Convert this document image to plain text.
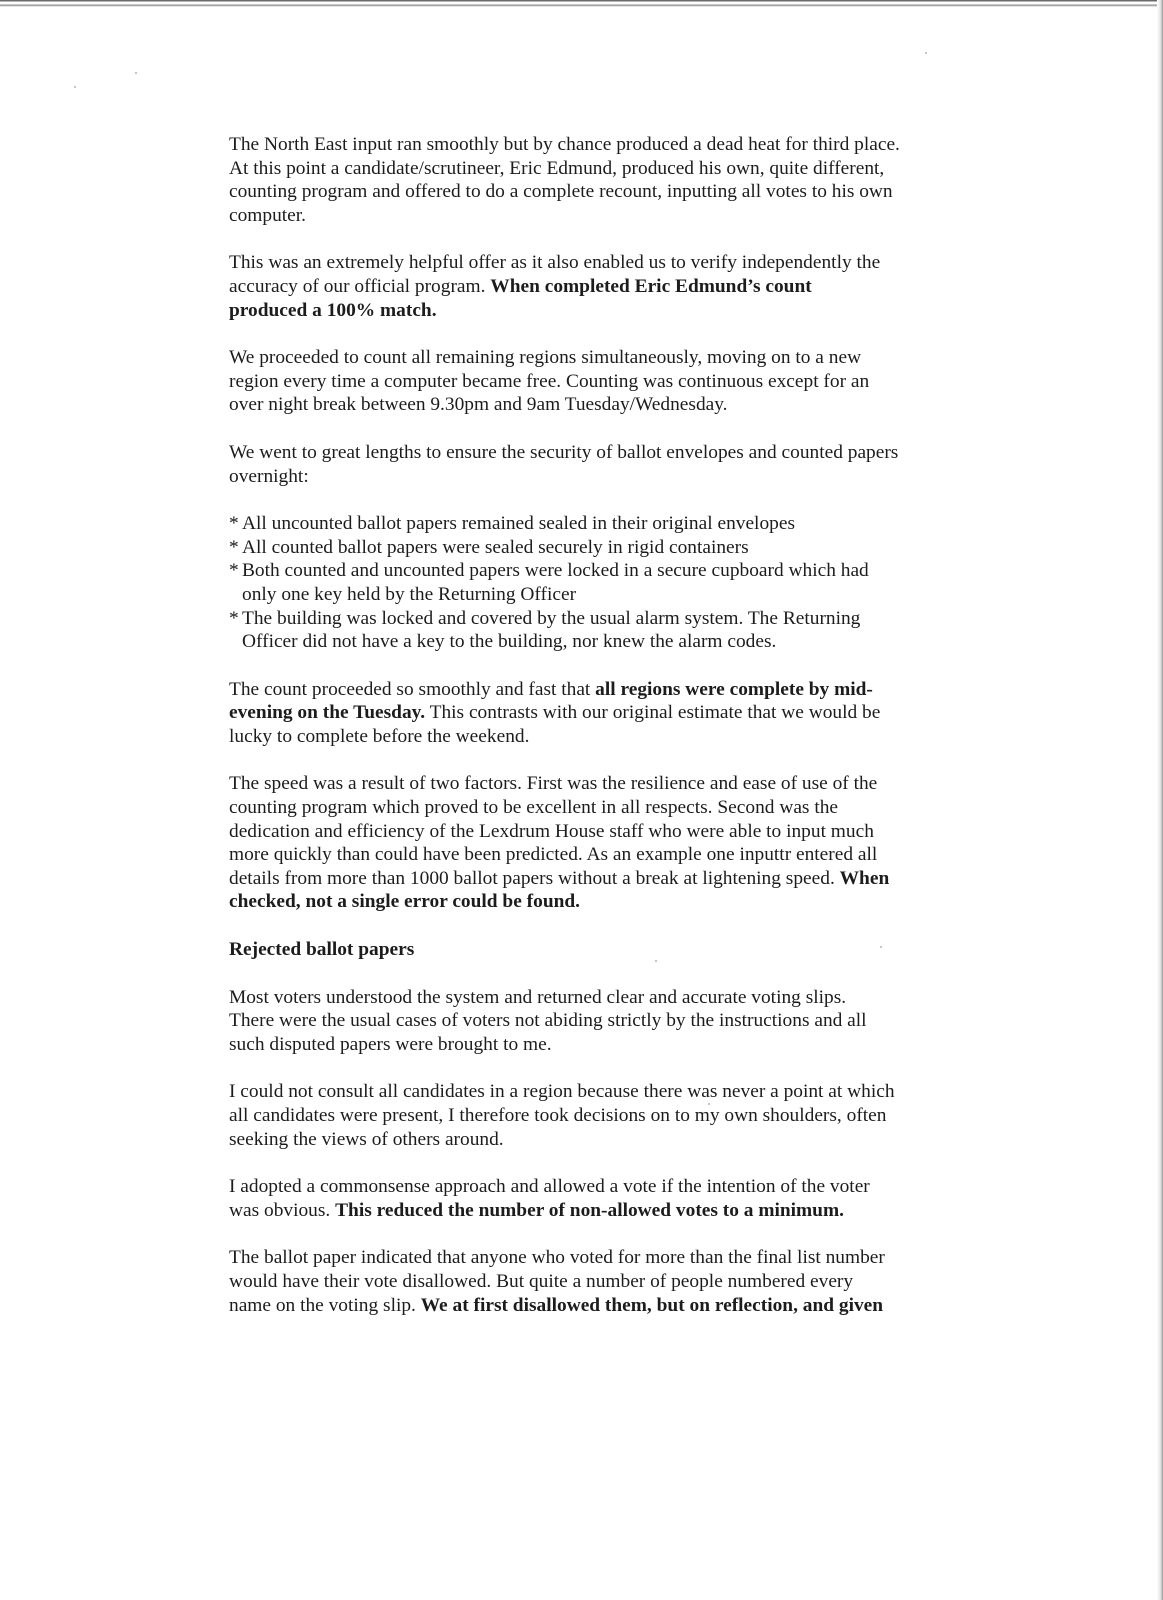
The North East input ran smoothly but by chance produced a dead heat for third place.
At this point a candidate/scrutineer, Eric Edmund, produced his own, quite different,
counting program and offered to do a complete recount, inputting all votes to his own
computer.

This was an extremely helpful offer as it also enabled us to verify independently the
accuracy of our official program. When completed Eric Edmund’s count
produced a 100% match.

We proceeded to count all remaining regions simultaneously, moving on to a new
region every time a computer became free. Counting was continuous except for an
over night break between 9.30pm and 9am Tuesday/Wednesday.

We went to great lengths to ensure the security of ballot envelopes and counted papers
overnight:

* All uncounted ballot papers remained sealed in their original envelopes
* All counted ballot papers were sealed securely in rigid containers
* Both counted and uncounted papers were locked in a secure cupboard which had
only one key held by the Returning Officer
* The building was locked and covered by the usual alarm system. The Returning
Officer did not have a key to the building, nor knew the alarm codes.

The count proceeded so smoothly and fast that all regions were complete by mid-
evening on the Tuesday. This contrasts with our original estimate that we would be
lucky to complete before the weekend.

The speed was a result of two factors. First was the resilience and ease of use of the
counting program which proved to be excellent in all respects. Second was the
dedication and efficiency of the Lexdrum House staff who were able to input much
more quickly than could have been predicted. As an example one inputtr entered all
details from more than 1000 ballot papers without a break at lightening speed. When
checked, not a single error could be found.

Rejected ballot papers

Most voters understood the system and returned clear and accurate voting slips.
There were the usual cases of voters not abiding strictly by the instructions and all
such disputed papers were brought to me.

I could not consult all candidates in a region because there was never a point at which
all candidates were present, I therefore took decisions on to my own shoulders, often
seeking the views of others around.

I adopted a commonsense approach and allowed a vote if the intention of the voter
was obvious. This reduced the number of non-allowed votes to a minimum.

The ballot paper indicated that anyone who voted for more than the final list number
would have their vote disallowed. But quite a number of people numbered every
name on the voting slip. We at first disallowed them, but on reflection, and given
